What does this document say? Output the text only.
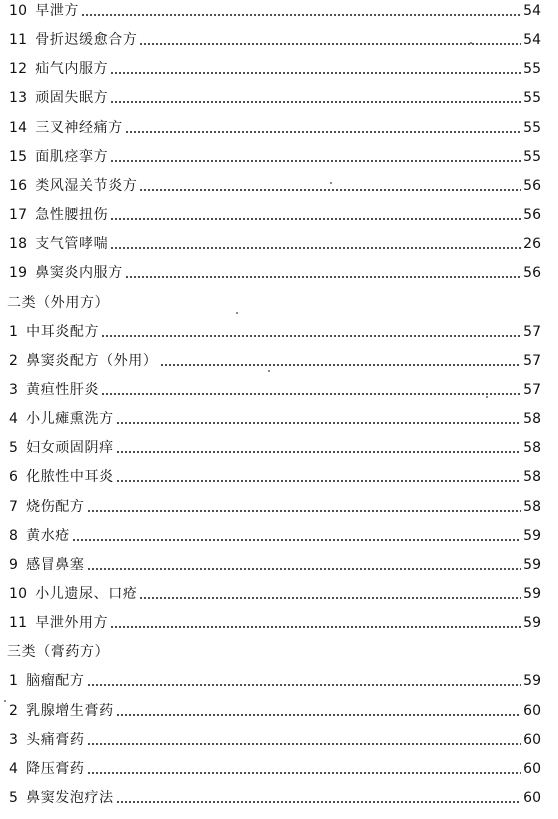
10 早泄方	54
11 骨折迟缓愈合方	54
12 疝气内服方	55
13 顽固失眠方	55
14 三叉神经痛方	55
15 面肌痉挛方	55
16 类风湿关节炎方	56
17 急性腰扭伤	56
18 支气管哮喘	26
19 鼻窦炎内服方	56
二类（外用方）
1 中耳炎配方	57
2 鼻窦炎配方（外用）	57
3 黄疸性肝炎	57
4 小儿瘫熏洗方	58
5 妇女顽固阴痒	58
6 化脓性中耳炎	58
7 烧伤配方	58
8 黄水疮	59
9 感冒鼻塞	59
10 小儿遗尿、口疮	59
11 早泄外用方	59
三类（膏药方）
1 脑瘤配方	59
2 乳腺增生膏药	60
3 头痛膏药	60
4 降压膏药	60
5 鼻窦发泡疗法	60
